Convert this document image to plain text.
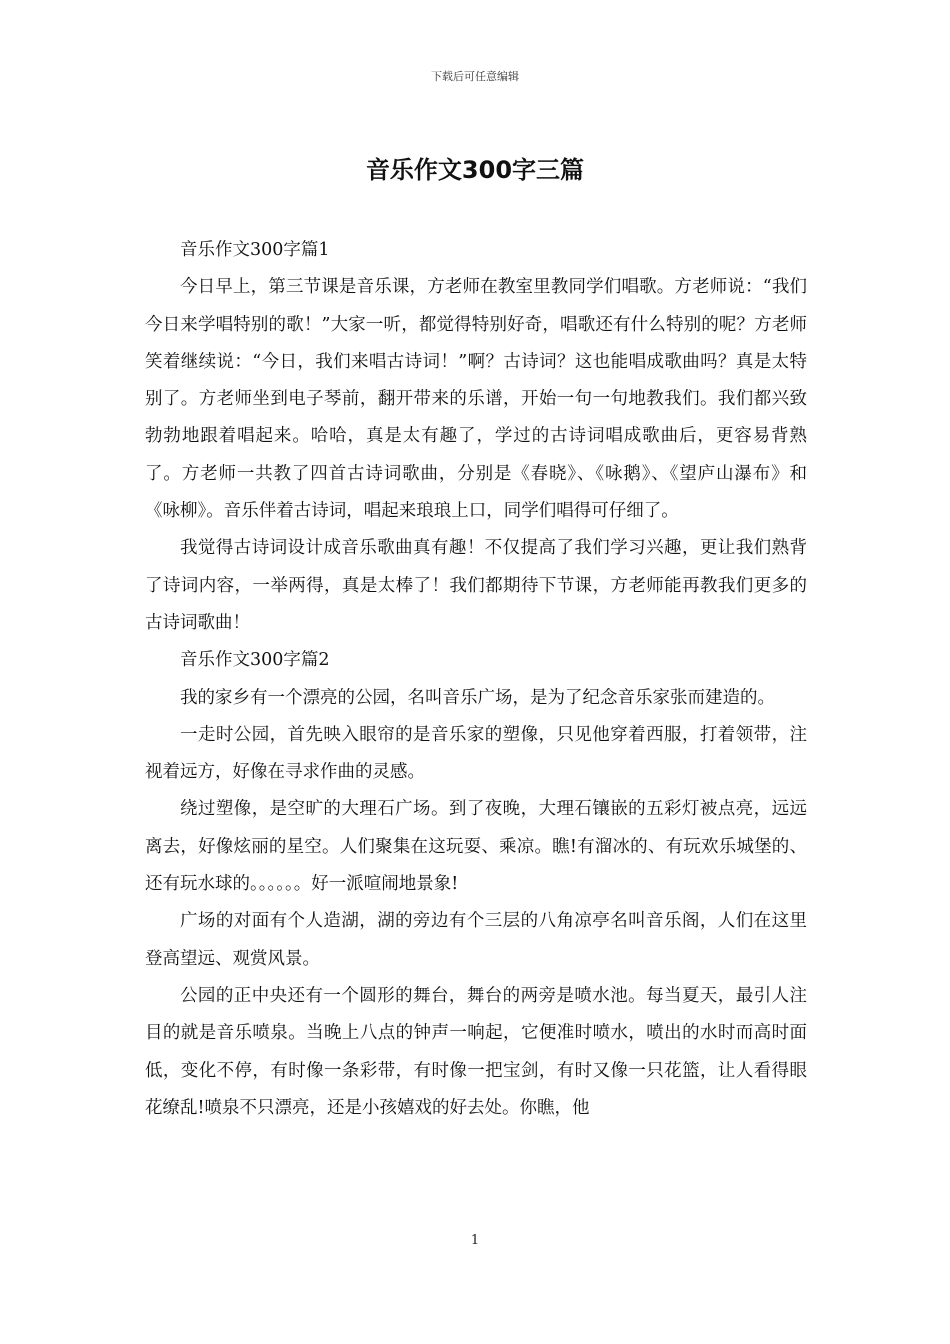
下载后可任意编辑
音乐作文300字三篇

音乐作文300字篇1

今日早上，第三节课是音乐课，方老师在教室里教同学们唱歌。方老师说：“我们今日来学唱特别的歌！”大家一听，都觉得特别好奇，唱歌还有什么特别的呢？方老师笑着继续说：“今日，我们来唱古诗词！”啊？古诗词？这也能唱成歌曲吗？真是太特别了。方老师坐到电子琴前，翻开带来的乐谱，开始一句一句地教我们。我们都兴致勃勃地跟着唱起来。哈哈，真是太有趣了，学过的古诗词唱成歌曲后，更容易背熟了。方老师一共教了四首古诗词歌曲，分别是《春晓》、《咏鹅》、《望庐山瀑布》和《咏柳》。音乐伴着古诗词，唱起来琅琅上口，同学们唱得可仔细了。

我觉得古诗词设计成音乐歌曲真有趣！不仅提高了我们学习兴趣，更让我们熟背了诗词内容，一举两得，真是太棒了！我们都期待下节课，方老师能再教我们更多的古诗词歌曲！

音乐作文300字篇2

我的家乡有一个漂亮的公园，名叫音乐广场，是为了纪念音乐家张而建造的。

一走时公园，首先映入眼帘的是音乐家的塑像，只见他穿着西服，打着领带，注视着远方，好像在寻求作曲的灵感。

绕过塑像，是空旷的大理石广场。到了夜晚，大理石镶嵌的五彩灯被点亮，远远离去，好像炫丽的星空。人们聚集在这玩耍、乘凉。瞧!有溜冰的、有玩欢乐城堡的、还有玩水球的。。。。。。好一派喧闹地景象!

广场的对面有个人造湖，湖的旁边有个三层的八角凉亭名叫音乐阁，人们在这里登高望远、观赏风景。

公园的正中央还有一个圆形的舞台，舞台的两旁是喷水池。每当夏天，最引人注目的就是音乐喷泉。当晚上八点的钟声一响起，它便准时喷水，喷出的水时而高时面低，变化不停，有时像一条彩带，有时像一把宝剑，有时又像一只花篮，让人看得眼花缭乱!喷泉不只漂亮，还是小孩嬉戏的好去处。你瞧，他

1
